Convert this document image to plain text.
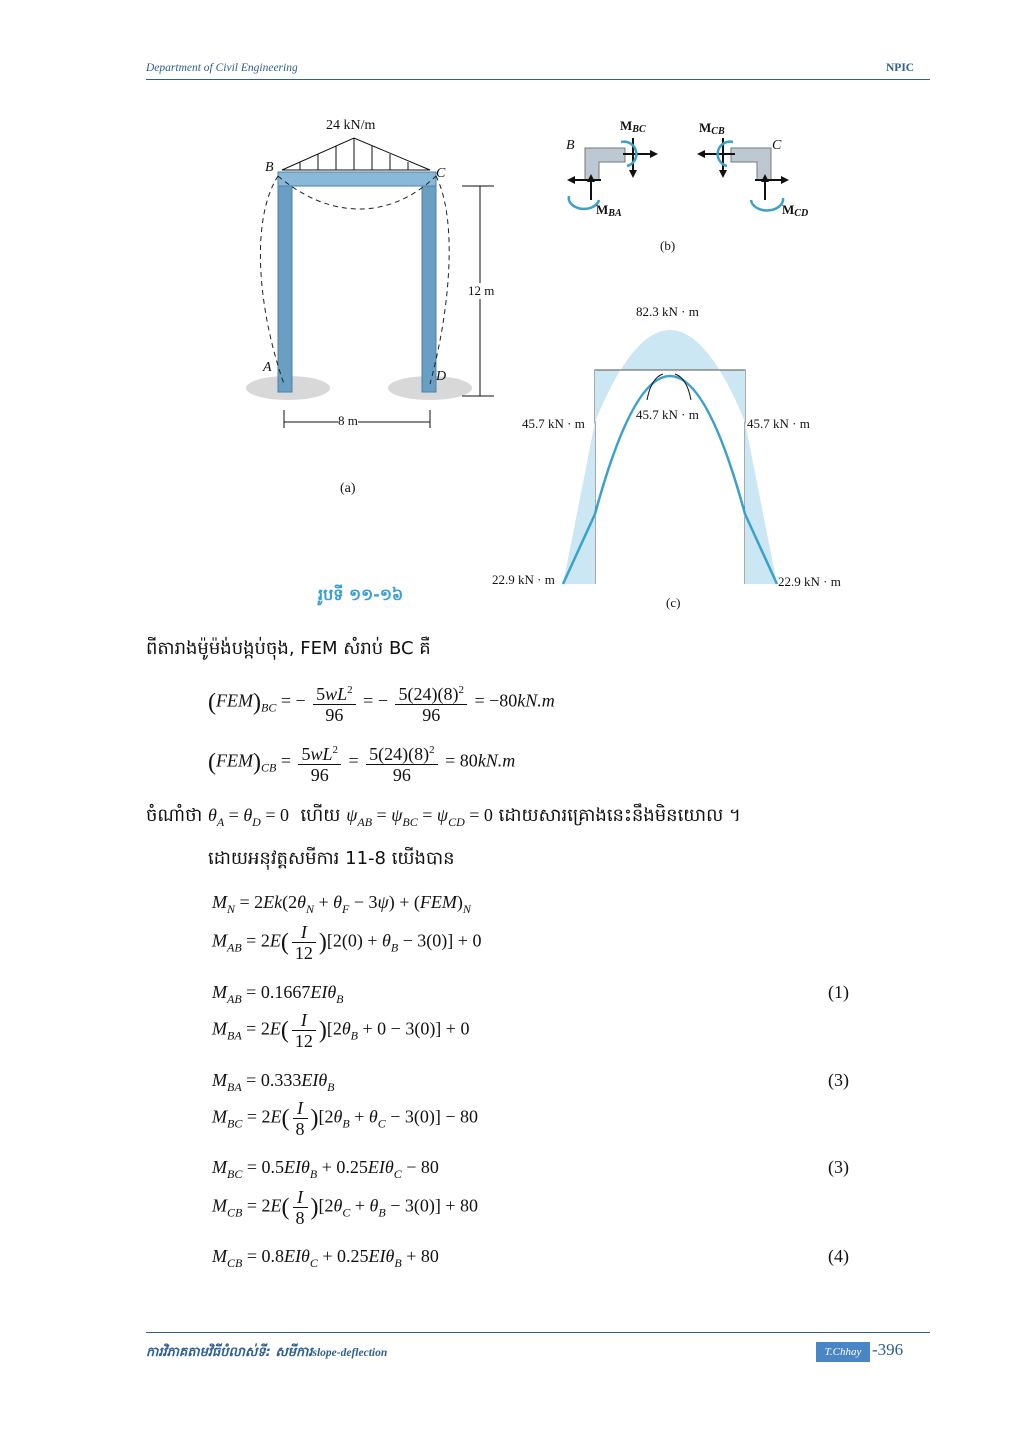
Department of Civil Engineering	NPIC
24 kN/m
B	C
A
D
12 m
8 m
(a)
B	C
$M_{BC}$	$M_{CB}$
$M_{BA}$	$M_{CD}$
(b)
82.3 kN · m
45.7 kN · m
45.7 kN · m	45.7 kN · m
22.9 kN · m	22.9 kN · m
(c)
រូបទី ១១-១៦
ពីតារាងម៉ូម៉ង់បង្កប់ចុង, FEM សំរាប់ BC គឺ
$(FEM)_{BC}$ = − $\frac{5wL^2}{96}$ = − $\frac{5(24)(8)^2}{96} = -80kN.m$
$(FEM)_{CB} = \frac{5wL^2}{96} = \frac{5(24)(8)^2}{96} = 80kN.m$
ចំណាំថា $\theta_A = \theta_D = 0$ ហើយ $\psi_{AB} = \psi_{BC} = \psi_{CD} = 0$ ដោយសារគ្រោងនេះនឹងមិនយោល ។
ដោយអនុវត្តសមីការ 11-8 យើងបាន
$M_N = 2Ek(2\theta_N + \theta_F - 3\psi) + (FEM)_N$
$M_{AB} = 2E( \frac{I}{12} )[2(0) + \theta_B - 3(0)] + 0$
$M_{AB} = 0.1667EI\theta_B$	(1)
$M_{BA} = 2E( \frac{I}{12} )[2\theta_B + 0 - 3(0)] + 0$
$M_{BA} = 0.333EI\theta_B$	(3)
$M_{BC} = 2E( \frac{I}{8} )[2\theta_B + \theta_C - 3(0)] - 80$
$M_{BC} = 0.5EI\theta_B + 0.25EI\theta_C - 80$	(3)
$M_{CB} = 2E( \frac{I}{8} )[2\theta_C + \theta_B - 3(0)] + 80$
$M_{CB} = 0.8EI\theta_C + 0.25EI\theta_B + 80$	(4)
ការវិភាគតាមវិធីបំលាស់ទី: សមីការslope-deflection	T.Chhay -396
